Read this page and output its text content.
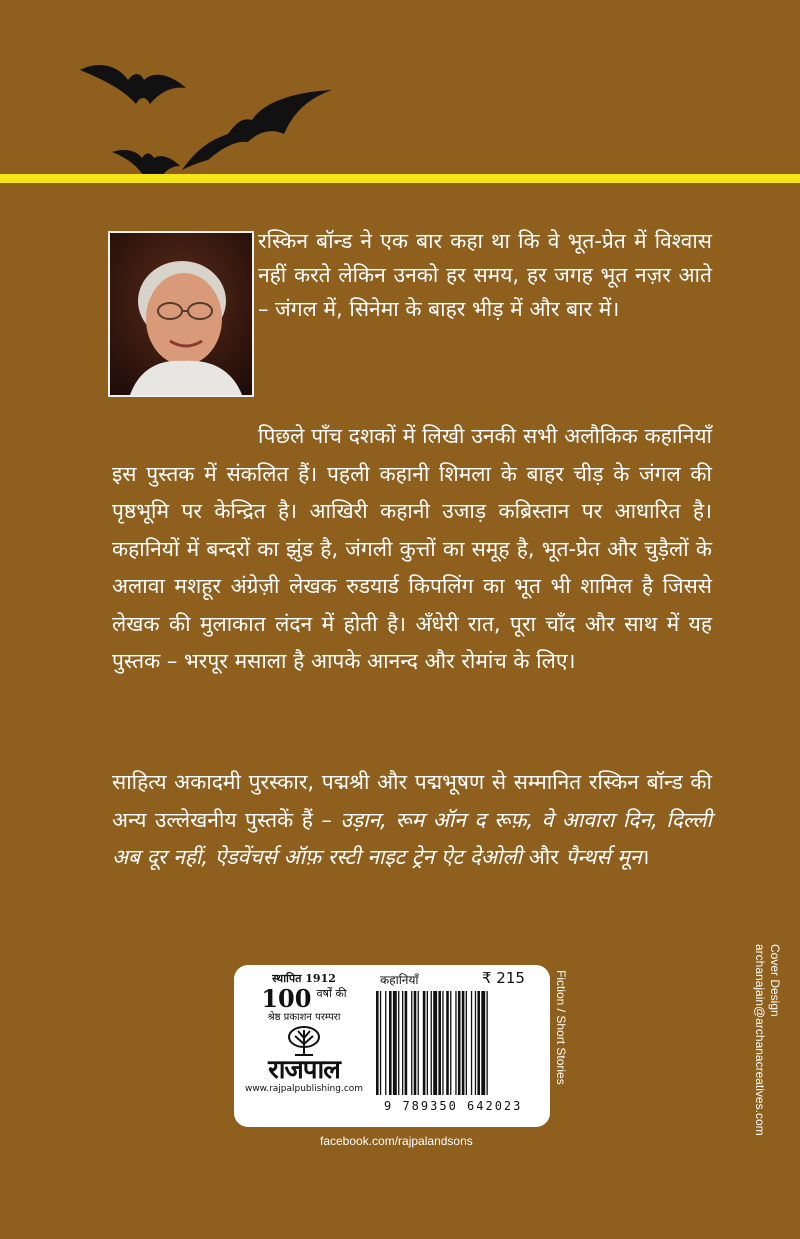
रस्किन बॉन्ड ने एक बार कहा था कि वे भूत-प्रेत में विश्वास नहीं करते लेकिन उनको हर समय, हर जगह भूत नज़र आते – जंगल में, सिनेमा के बाहर भीड़ में और बार में।

पिछले पाँच दशकों में लिखी उनकी सभी अलौकिक कहानियाँ इस पुस्तक में संकलित हैं। पहली कहानी शिमला के बाहर चीड़ के जंगल की पृष्ठभूमि पर केन्द्रित है। आखिरी कहानी उजाड़ कब्रिस्तान पर आधारित है। कहानियों में बन्दरों का झुंड है, जंगली कुत्तों का समूह है, भूत-प्रेत और चुड़ैलों के अलावा मशहूर अंग्रेज़ी लेखक रुडयार्ड किपलिंग का भूत भी शामिल है जिससे लेखक की मुलाकात लंदन में होती है। अँधेरी रात, पूरा चाँद और साथ में यह पुस्तक – भरपूर मसाला है आपके आनन्द और रोमांच के लिए।

साहित्य अकादमी पुरस्कार, पद्मश्री और पद्मभूषण से सम्मानित रस्किन बॉन्ड की अन्य उल्लेखनीय पुस्तकें हैं – उड़ान, रूम ऑन द रूफ़, वे आवारा दिन, दिल्ली अब दूर नहीं, ऐडवेंचर्स ऑफ़ रस्टी नाइट ट्रेन ऐट देओली और पैन्थर्स मून।

स्थापित 1912
100 $^{वर्षों की}$
श्रेष्ठ प्रकाशन परम्परा
राजपाल
www.rajpalpublishing.com
कहानियाँ	₹ 215
9 789350 642023
Fiction / Short Stories
facebook.com/rajpalandsons
Cover Design
archanajain@archanacreatives.com
